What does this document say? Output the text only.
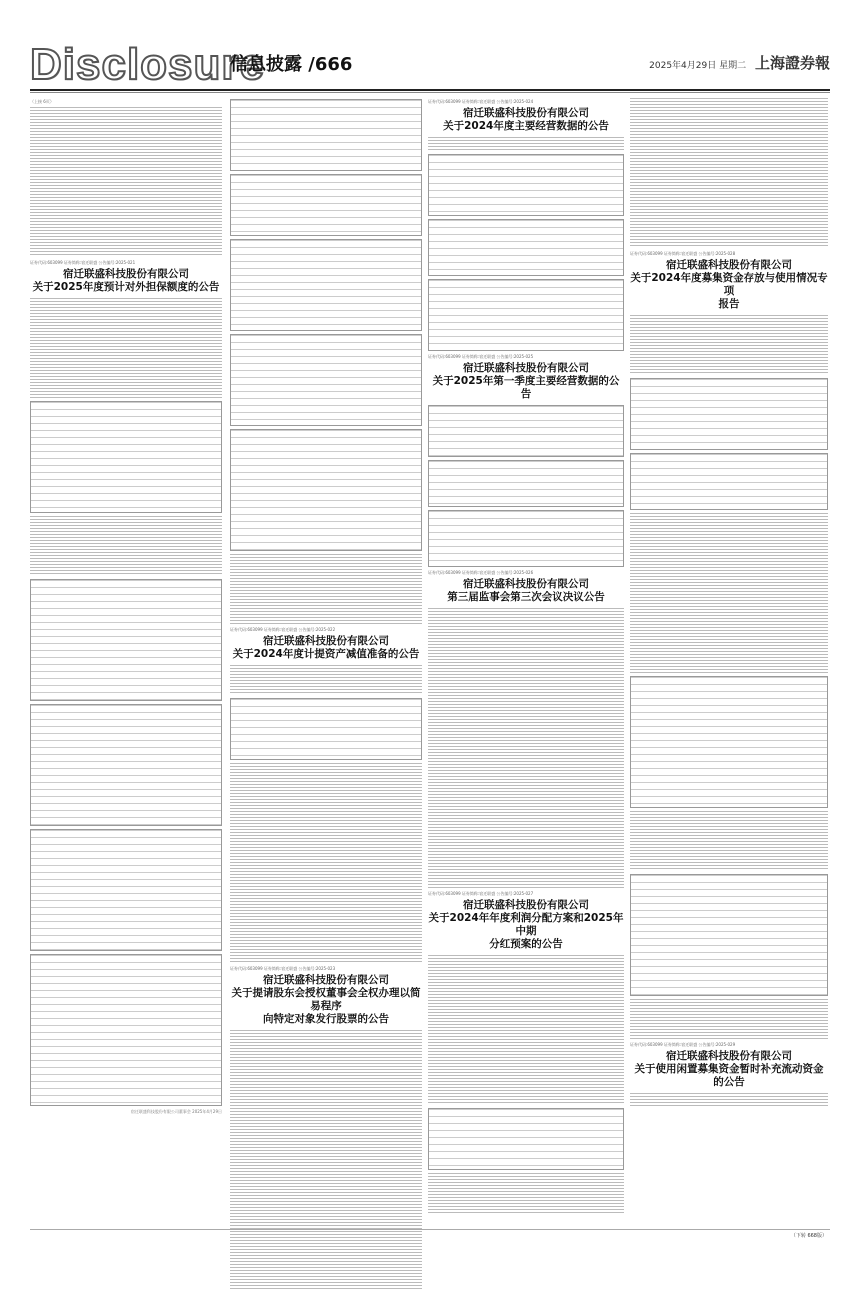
Disclosure
信息披露 /666	2025年4月29日 星期二 上海證券報
（上接 6页）
证券代码:603099 证券简称:宿迁联盛 公告编号:2025-021
宿迁联盛科技股份有限公司
关于2025年度预计对外担保额度的公告
宿迁联盛科技股份有限公司董事会 2025年4月29日
证券代码:603099 证券简称:宿迁联盛 公告编号:2025-022
宿迁联盛科技股份有限公司
关于2024年度计提资产减值准备的公告
证券代码:603099 证券简称:宿迁联盛 公告编号:2025-023
宿迁联盛科技股份有限公司
关于提请股东会授权董事会全权办理以简易程序
向特定对象发行股票的公告
证券代码:603099 证券简称:宿迁联盛 公告编号:2025-024
宿迁联盛科技股份有限公司
关于2024年度主要经营数据的公告
证券代码:603099 证券简称:宿迁联盛 公告编号:2025-025
宿迁联盛科技股份有限公司
关于2025年第一季度主要经营数据的公告
证券代码:603099 证券简称:宿迁联盛 公告编号:2025-026
宿迁联盛科技股份有限公司
第三届监事会第三次会议决议公告
证券代码:603099 证券简称:宿迁联盛 公告编号:2025-027
宿迁联盛科技股份有限公司
关于2024年年度利润分配方案和2025年中期
分红预案的公告
证券代码:603099 证券简称:宿迁联盛 公告编号:2025-028
宿迁联盛科技股份有限公司
关于2024年度募集资金存放与使用情况专项
报告
证券代码:603099 证券简称:宿迁联盛 公告编号:2025-029
宿迁联盛科技股份有限公司
关于使用闲置募集资金暂时补充流动资金的公告
（下转 668版）
